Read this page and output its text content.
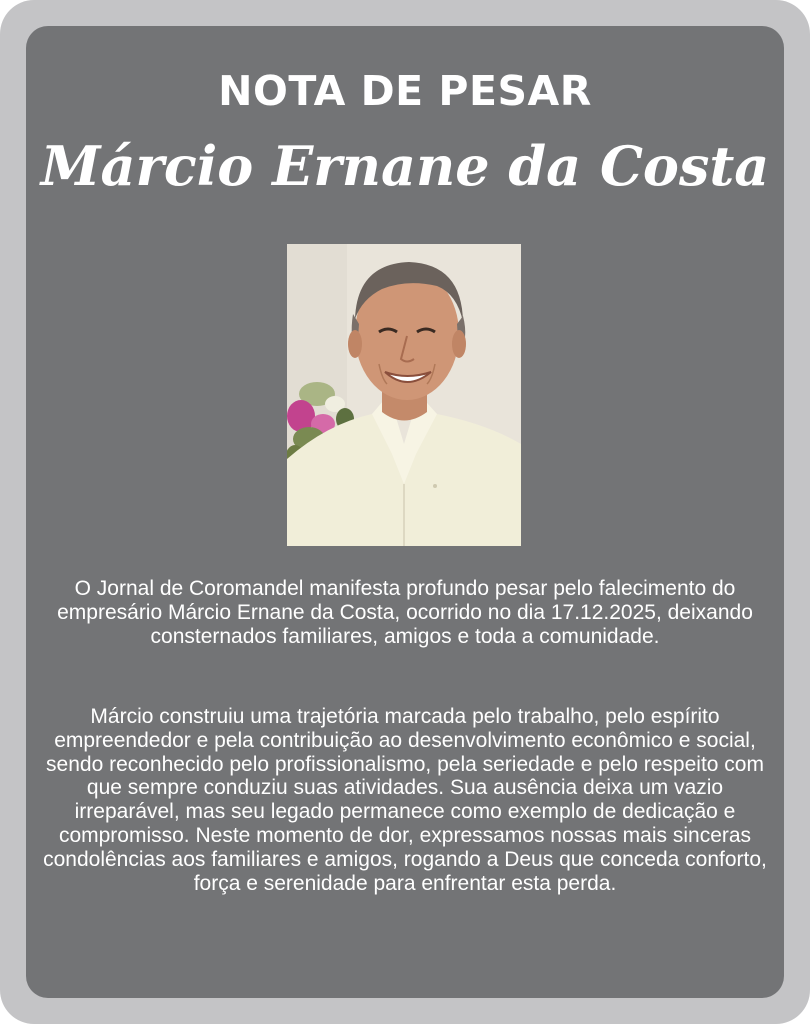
NOTA DE PESAR
Márcio Ernane da Costa

O Jornal de Coromandel manifesta profundo pesar pelo falecimento do empresário Márcio Ernane da Costa, ocorrido no dia 17.12.2025, deixando consternados familiares, amigos e toda a comunidade.

Márcio construiu uma trajetória marcada pelo trabalho, pelo espírito empreendedor e pela contribuição ao desenvolvimento econômico e social, sendo reconhecido pelo profissionalismo, pela seriedade e pelo respeito com que sempre conduziu suas atividades. Sua ausência deixa um vazio irreparável, mas seu legado permanece como exemplo de dedicação e compromisso. Neste momento de dor, expressamos nossas mais sinceras condolências aos familiares e amigos, rogando a Deus que conceda conforto, força e serenidade para enfrentar esta perda.
